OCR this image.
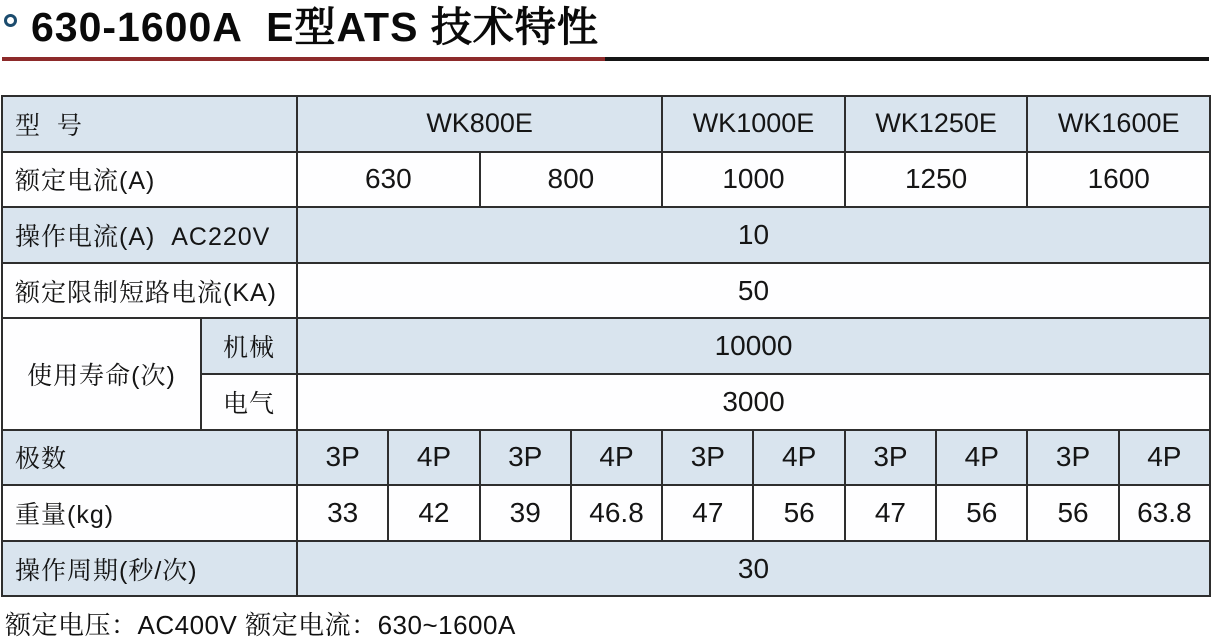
630-1600A  E型ATS 技术特性
型  号		WK800E				WK1000E		WK1250E		WK1600E	
额定电流(A)		630		800		1000		1250		1600	
操作电流(A)  AC220V		10									
额定限制短路电流(KA)		50									
使用寿命(次)	机械	10000									
	电气	3000									
极数		3P	4P	3P	4P	3P	4P	3P	4P	3P	4P
重量(kg)		33	42	39	46.8	47	56	47	56	56	63.8
操作周期(秒/次)		30									

额定电压：AC400V 额定电流：630~1600A
